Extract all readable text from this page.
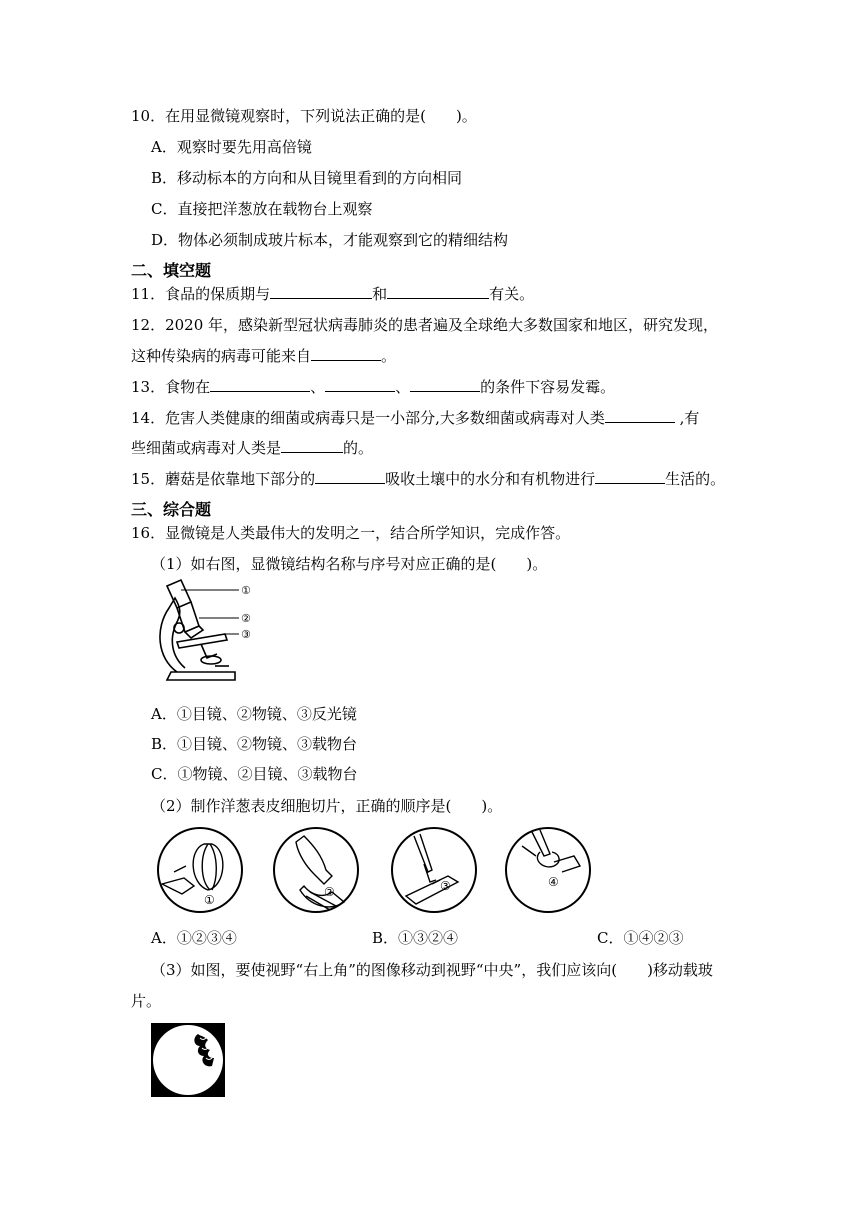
10．在用显微镜观察时，下列说法正确的是(　　)。
A．观察时要先用高倍镜
B．移动标本的方向和从目镜里看到的方向相同
C．直接把洋葱放在载物台上观察
D．物体必须制成玻片标本，才能观察到它的精细结构
二、填空题
11．食品的保质期与	和	有关。
12．2020 年，感染新型冠状病毒肺炎的患者遍及全球绝大多数国家和地区，研究发现，
这种传染病的病毒可能来自	。
13．食物在	、	、	的条件下容易发霉。
14．危害人类健康的细菌或病毒只是一小部分,大多数细菌或病毒对人类	,有
些细菌或病毒对人类是	的。
15．蘑菇是依靠地下部分的	吸收土壤中的水分和有机物进行	生活的。
三、综合题
16．显微镜是人类最伟大的发明之一，结合所学知识，完成作答。
（1）如右图，显微镜结构名称与序号对应正确的是(　　)。
①
②
③
A．①目镜、②物镜、③反光镜
B．①目镜、②物镜、③载物台
C．①物镜、②目镜、③载物台
（2）制作洋葱表皮细胞切片，正确的顺序是(　　)。
①
②	③	④
A．①②③④	B．①③②④	C．①④②③
（3）如图，要使视野“右上角”的图像移动到视野“中央”，我们应该向(　　)移动载玻
片。
